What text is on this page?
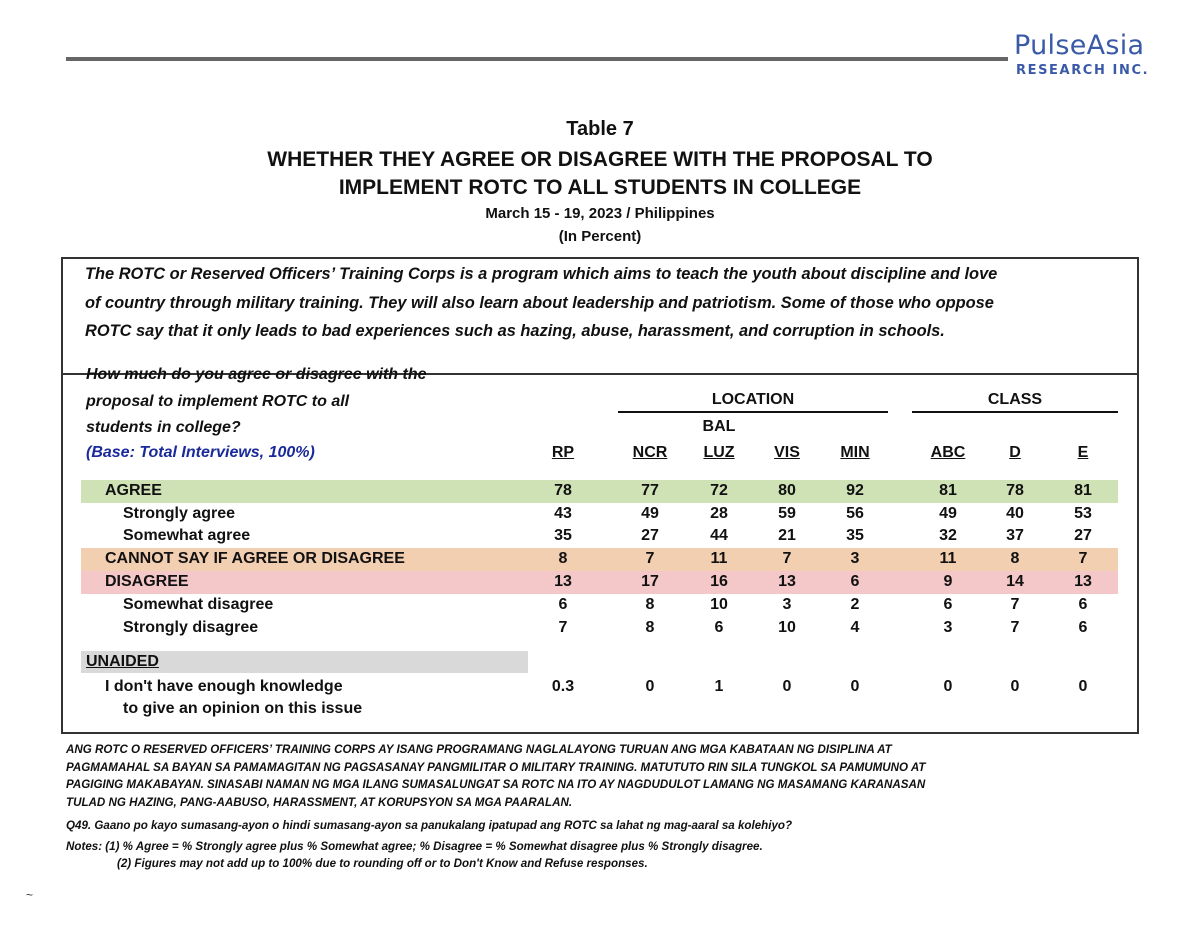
PulseAsia
RESEARCH INC.
Table 7
WHETHER THEY AGREE OR DISAGREE WITH THE PROPOSAL TO
IMPLEMENT ROTC TO ALL STUDENTS IN COLLEGE
March 15 - 19, 2023 / Philippines
(In Percent)
The ROTC or Reserved Officers’ Training Corps is a program which aims to teach the youth about discipline and love
of country through military training. They will also learn about leadership and patriotism. Some of those who oppose
ROTC say that it only leads to bad experiences such as hazing, abuse, harassment, and corruption in schools.
How much do you agree or disagree with the
proposal to implement ROTC to all
students in college?
(Base: Total Interviews, 100%)
LOCATION	CLASS
BAL
RP	NCR	LUZ	VIS	MIN	ABC	D	E
AGREE	78	77	72	80	92	81	78	81
Strongly agree	43	49	28	59	56	49	40	53
Somewhat agree	35	27	44	21	35	32	37	27
CANNOT SAY IF AGREE OR DISAGREE	8	7	11	7	3	11	8	7
DISAGREE	13	17	16	13	6	9	14	13
Somewhat disagree	6	8	10	3	2	6	7	6
Strongly disagree	7	8	6	10	4	3	7	6
UNAIDED
I don't have enough knowledge	0.3	0	1	0	0	0	0	0
to give an opinion on this issue
ANG ROTC O RESERVED OFFICERS’ TRAINING CORPS AY ISANG PROGRAMANG NAGLALAYONG TURUAN ANG MGA KABATAAN NG DISIPLINA AT
PAGMAMAHAL SA BAYAN SA PAMAMAGITAN NG PAGSASANAY PANGMILITAR O MILITARY TRAINING. MATUTUTO RIN SILA TUNGKOL SA PAMUMUNO AT
PAGIGING MAKABAYAN. SINASABI NAMAN NG MGA ILANG SUMASALUNGAT SA ROTC NA ITO AY NAGDUDULOT LAMANG NG MASAMANG KARANASAN
TULAD NG HAZING, PANG-AABUSO, HARASSMENT, AT KORUPSYON SA MGA PAARALAN.
Q49. Gaano po kayo sumasang-ayon o hindi sumasang-ayon sa panukalang ipatupad ang ROTC sa lahat ng mag-aaral sa kolehiyo?
Notes: (1) % Agree = % Strongly agree plus % Somewhat agree; % Disagree = % Somewhat disagree plus % Strongly disagree.
(2) Figures may not add up to 100% due to rounding off or to Don't Know and Refuse responses.
~
